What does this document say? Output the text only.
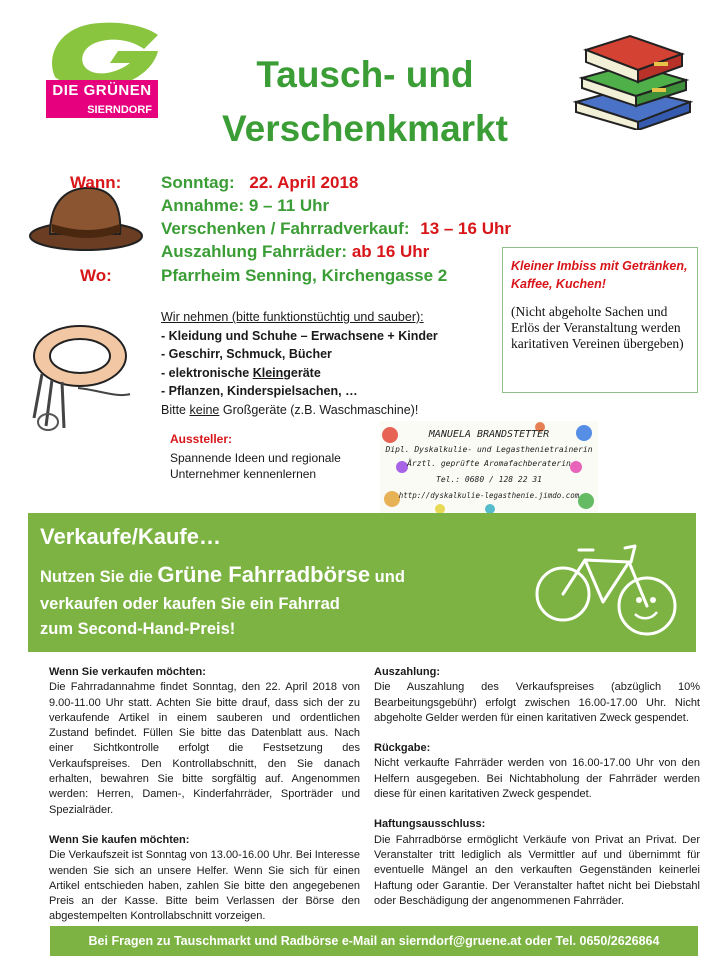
DIE GRÜNEN
SIERNDORF
Tausch- und
Verschenkmarkt
Wann:
Wo:
Sonntag: 22. April 2018
Annahme: 9 – 11 Uhr
Verschenken / Fahrradverkauf: 13 – 16 Uhr
Auszahlung Fahrräder: ab 16 Uhr
Pfarrheim Senning, Kirchengasse 2
Wir nehmen (bitte funktionstüchtig und sauber):
- Kleidung und Schuhe – Erwachsene + Kinder
- Geschirr, Schmuck, Bücher
- elektronische Kleingeräte
- Pflanzen, Kinderspielsachen, …
Bitte keine Großgeräte (z.B. Waschmaschine)!
Kleiner Imbiss mit Getränken, Kaffee, Kuchen!
(Nicht abgeholte Sachen und Erlös der Veranstaltung werden karitativen Vereinen übergeben)
Aussteller:
Spannende Ideen und regionale Unternehmer kennenlernen
MANUELA BRANDSTETTER
Dipl. Dyskalkulie- und Legasthenietrainerin
Ärztl. geprüfte Aromafachberaterin
Tel.: 0680 / 128 22 31
http://dyskalkulie-legasthenie.jimdo.com
Verkaufe/Kaufe…
Nutzen Sie die Grüne Fahrradbörse und
verkaufen oder kaufen Sie ein Fahrrad
zum Second-Hand-Preis!
Wenn Sie verkaufen möchten:

Die Fahrradannahme findet Sonntag, den 22. April 2018 von 9.00-11.00 Uhr statt. Achten Sie bitte drauf, dass sich der zu verkaufende Artikel in einem sauberen und ordentlichen Zustand befindet. Füllen Sie bitte das Datenblatt aus. Nach einer Sichtkontrolle erfolgt die Festsetzung des Verkaufspreises. Den Kontrollabschnitt, den Sie danach erhalten, bewahren Sie bitte sorgfältig auf. Angenommen werden: Herren, Damen-, Kinderfahrräder, Sporträder und Spezialräder.

Wenn Sie kaufen möchten:

Die Verkaufszeit ist Sonntag von 13.00-16.00 Uhr. Bei Interesse wenden Sie sich an unsere Helfer. Wenn Sie sich für einen Artikel entschieden haben, zahlen Sie bitte den angegebenen Preis an der Kasse. Bitte beim Verlassen der Börse den abgestempelten Kontrollabschnitt vorzeigen.

Auszahlung:

Die Auszahlung des Verkaufspreises (abzüglich 10% Bearbeitungsgebühr) erfolgt zwischen 16.00-17.00 Uhr. Nicht abgeholte Gelder werden für einen karitativen Zweck gespendet.

Rückgabe:

Nicht verkaufte Fahrräder werden von 16.00-17.00 Uhr von den Helfern ausgegeben. Bei Nichtabholung der Fahrräder werden diese für einen karitativen Zweck gespendet.

Haftungsausschluss:

Die Fahrradbörse ermöglicht Verkäufe von Privat an Privat. Der Veranstalter tritt lediglich als Vermittler auf und übernimmt für eventuelle Mängel an den verkauften Gegenständen keinerlei Haftung oder Garantie. Der Veranstalter haftet nicht bei Diebstahl oder Beschädigung der angenommenen Fahrräder.

Bei Fragen zu Tauschmarkt und Radbörse e-Mail an sierndorf@gruene.at oder Tel. 0650/2626864
